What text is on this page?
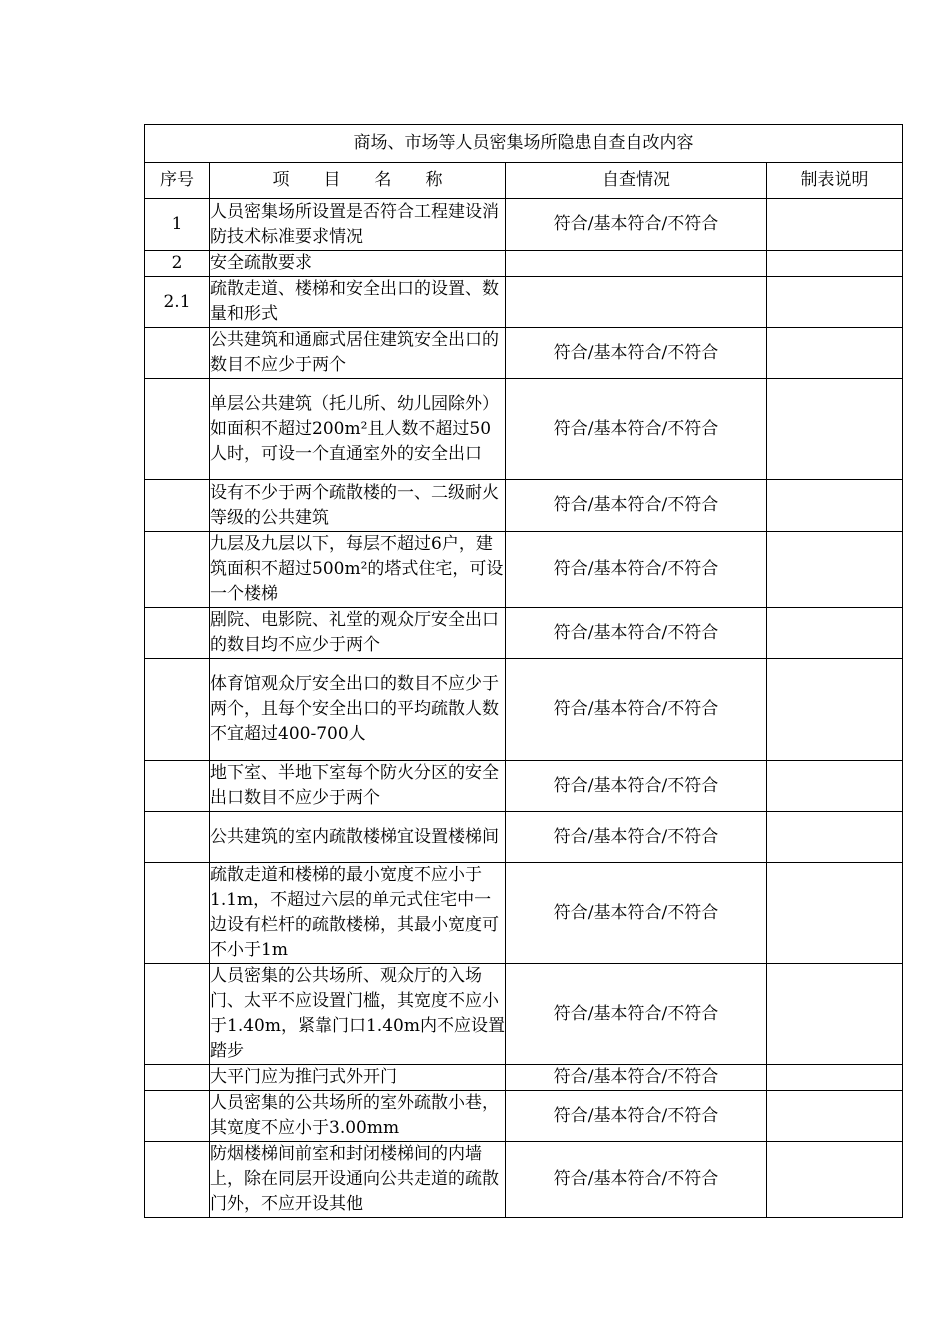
商场、市场等人员密集场所隐患自查自改内容			
序号	项　　目　　名　　称	自查情况	制表说明
1	人员密集场所设置是否符合工程建设消防技术标准要求情况	符合/基本符合/不符合	
2	安全疏散要求		
2.1	疏散走道、楼梯和安全出口的设置、数量和形式		
	公共建筑和通廊式居住建筑安全出口的数目不应少于两个	符合/基本符合/不符合	
	单层公共建筑（托儿所、幼儿园除外）如面积不超过200m²且人数不超过50人时，可设一个直通室外的安全出口	符合/基本符合/不符合	
	设有不少于两个疏散楼的一、二级耐火等级的公共建筑	符合/基本符合/不符合	
	九层及九层以下，每层不超过6户，建筑面积不超过500m²的塔式住宅，可设一个楼梯	符合/基本符合/不符合	
	剧院、电影院、礼堂的观众厅安全出口的数目均不应少于两个	符合/基本符合/不符合	
	体育馆观众厅安全出口的数目不应少于两个，且每个安全出口的平均疏散人数不宜超过400-700人	符合/基本符合/不符合	
	地下室、半地下室每个防火分区的安全出口数目不应少于两个	符合/基本符合/不符合	
	公共建筑的室内疏散楼梯宜设置楼梯间	符合/基本符合/不符合	
	疏散走道和楼梯的最小宽度不应小于1.1m，不超过六层的单元式住宅中一边设有栏杆的疏散楼梯，其最小宽度可不小于1m	符合/基本符合/不符合	
	人员密集的公共场所、观众厅的入场门、太平不应设置门槛，其宽度不应小于1.40m，紧靠门口1.40m内不应设置踏步	符合/基本符合/不符合	
	大平门应为推闩式外开门	符合/基本符合/不符合	
	人员密集的公共场所的室外疏散小巷，其宽度不应小于3.00mm	符合/基本符合/不符合	
	防烟楼梯间前室和封闭楼梯间的内墙上，除在同层开设通向公共走道的疏散门外，不应开设其他	符合/基本符合/不符合	
